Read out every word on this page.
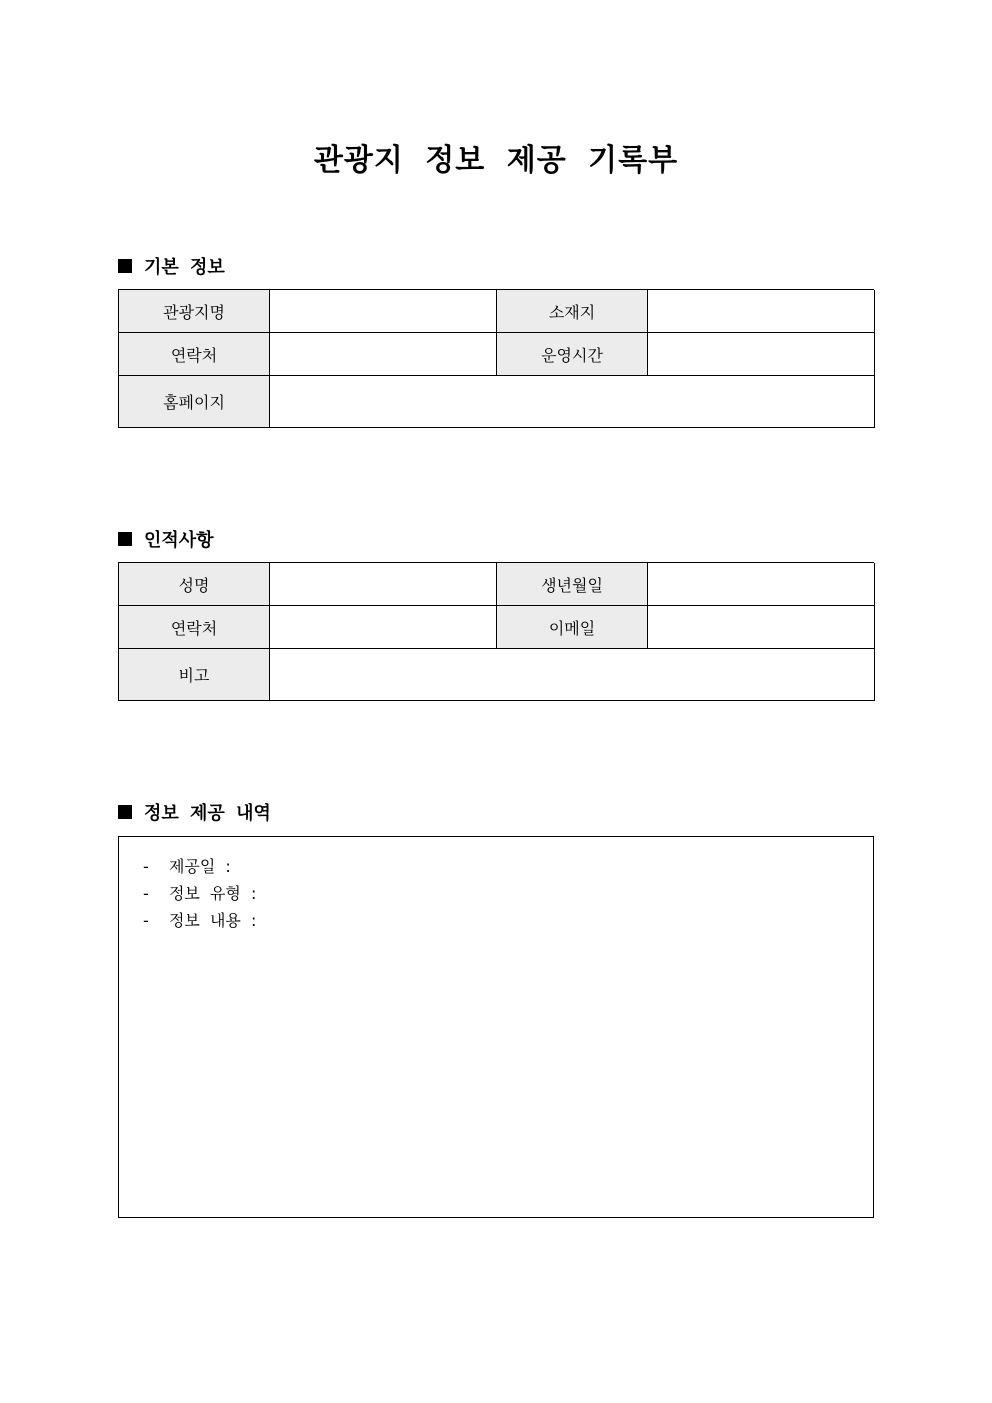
관광지 정보 제공 기록부
기본 정보
관광지명	소재지
연락처	운영시간
홈페이지
인적사항
성명	생년월일
연락처	이메일
비고
정보 제공 내역
-  제공일 :
-  정보 유형 :
-  정보 내용 :
